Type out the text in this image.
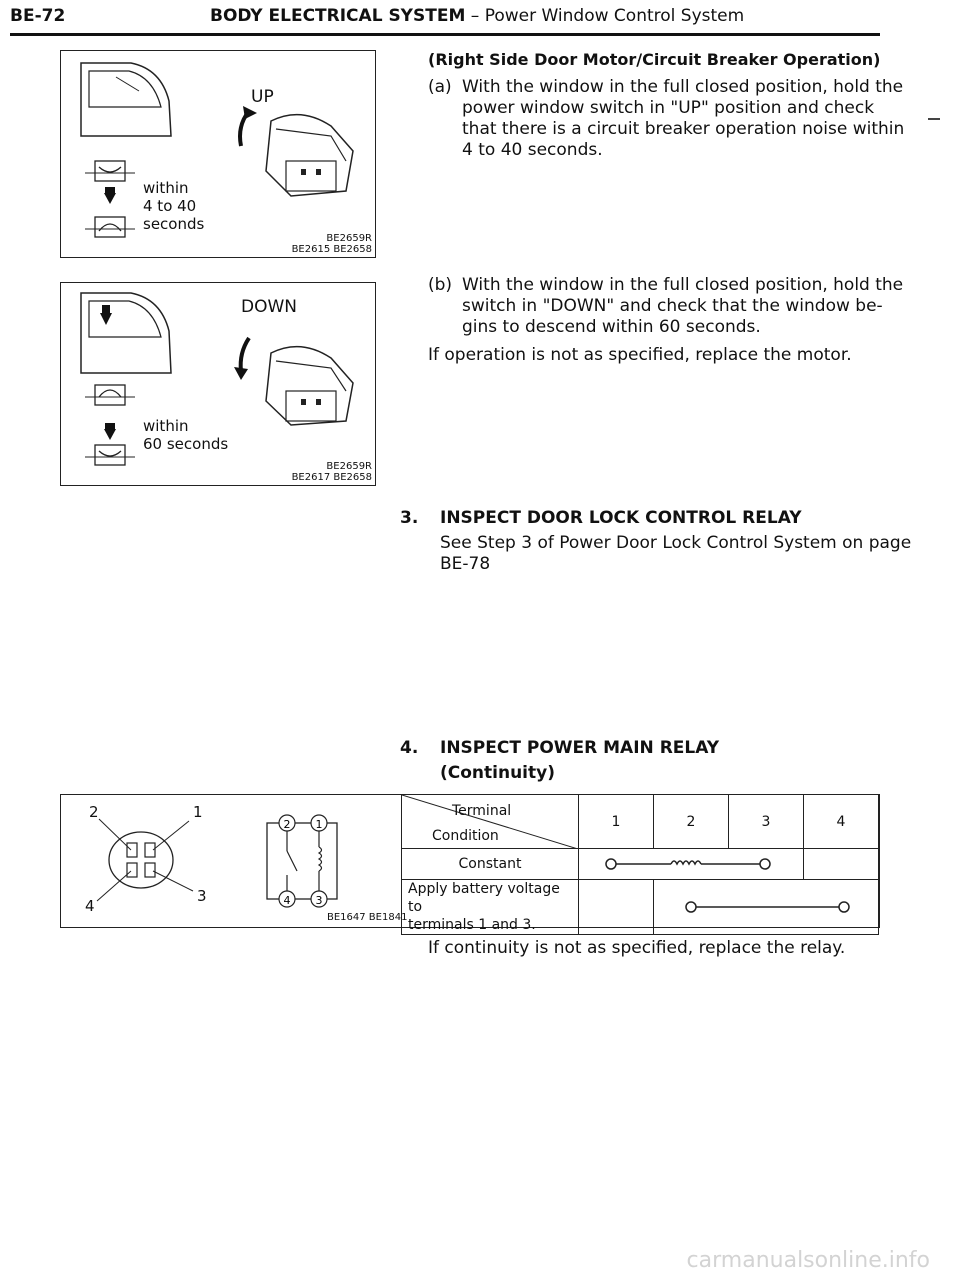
BE-72	BODY ELECTRICAL SYSTEM – Power Window Control System
UP
within
4 to 40
seconds
BE2659R
BE2615 BE2658
DOWN
within
60 seconds
BE2659R
BE2617 BE2658
(Right Side Door Motor/Circuit Breaker Operation)
(a) With the window in the full closed position, hold the
power window switch in "UP" position and check
that there is a circuit breaker operation noise within
4 to 40 seconds.
(b) With the window in the full closed position, hold the
switch in "DOWN" and check that the window be-
gins to descend within 60 seconds.
If operation is not as specified, replace the motor.
3. INSPECT DOOR LOCK CONTROL RELAY
See Step 3 of Power Door Lock Control System on page
BE-78
4. INSPECT POWER MAIN RELAY
(Continuity)
2 1
4 3
2	1
4
3
BE1647 BE1841
Terminal
Condition	1	2	3	4
Constant	

Apply battery voltage to
terminals 1 and 3.

If continuity is not as specified, replace the relay.
carmanualsonline.info
